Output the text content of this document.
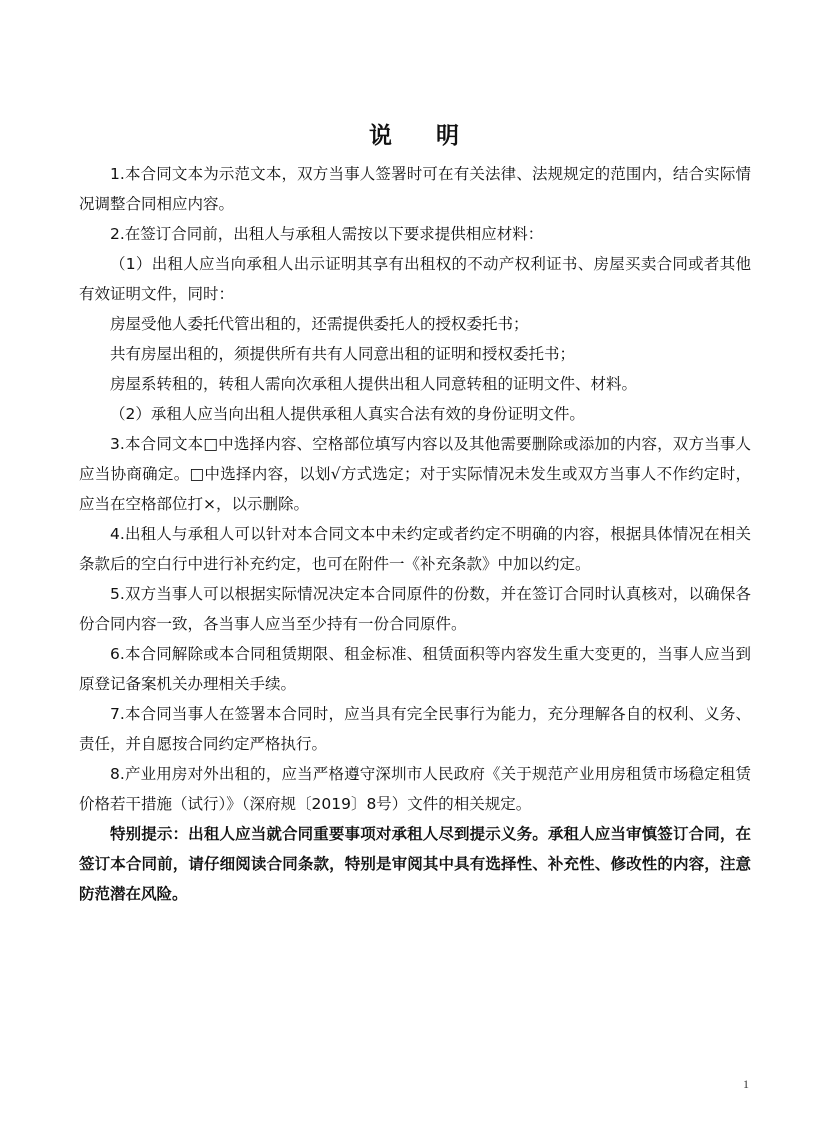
说 明

1.本合同文本为示范文本，双方当事人签署时可在有关法律、法规规定的范围内，结合实际情况调整合同相应内容。

2.在签订合同前，出租人与承租人需按以下要求提供相应材料：

（1）出租人应当向承租人出示证明其享有出租权的不动产权利证书、房屋买卖合同或者其他有效证明文件，同时：

房屋受他人委托代管出租的，还需提供委托人的授权委托书；

共有房屋出租的，须提供所有共有人同意出租的证明和授权委托书；

房屋系转租的，转租人需向次承租人提供出租人同意转租的证明文件、材料。

（2）承租人应当向出租人提供承租人真实合法有效的身份证明文件。

3.本合同文本□中选择内容、空格部位填写内容以及其他需要删除或添加的内容，双方当事人应当协商确定。□中选择内容，以划√方式选定；对于实际情况未发生或双方当事人不作约定时，应当在空格部位打×，以示删除。

4.出租人与承租人可以针对本合同文本中未约定或者约定不明确的内容，根据具体情况在相关条款后的空白行中进行补充约定，也可在附件一《补充条款》中加以约定。

5.双方当事人可以根据实际情况决定本合同原件的份数，并在签订合同时认真核对，以确保各份合同内容一致，各当事人应当至少持有一份合同原件。

6.本合同解除或本合同租赁期限、租金标准、租赁面积等内容发生重大变更的，当事人应当到原登记备案机关办理相关手续。

7.本合同当事人在签署本合同时，应当具有完全民事行为能力，充分理解各自的权利、义务、责任，并自愿按合同约定严格执行。

8.产业用房对外出租的，应当严格遵守深圳市人民政府《关于规范产业用房租赁市场稳定租赁价格若干措施（试行）》（深府规〔2019〕8号）文件的相关规定。

特别提示：出租人应当就合同重要事项对承租人尽到提示义务。承租人应当审慎签订合同，在签订本合同前，请仔细阅读合同条款，特别是审阅其中具有选择性、补充性、修改性的内容，注意防范潜在风险。

1
